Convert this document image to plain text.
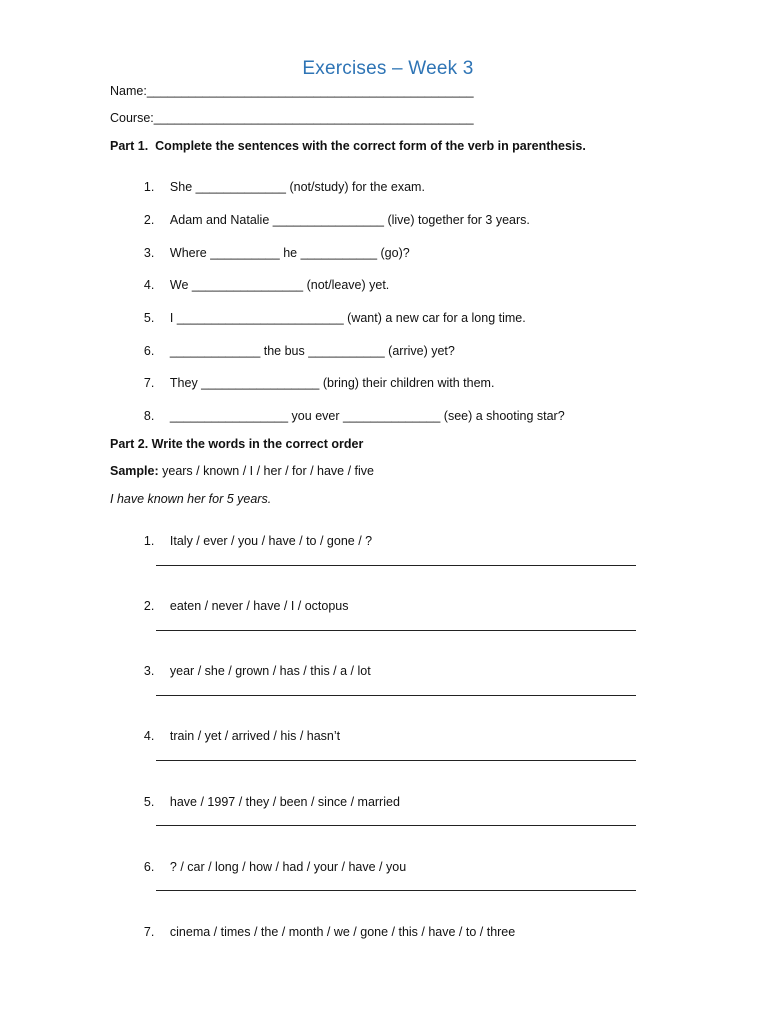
Exercises – Week 3
Name:_______________________________________________
Course:______________________________________________
Part 1.  Complete the sentences with the correct form of the verb in parenthesis.

1. She _____________ (not/study) for the exam.

2. Adam and Natalie ________________ (live) together for 3 years.

3. Where __________ he ___________ (go)?

4. We ________________ (not/leave) yet.

5. I ________________________ (want) a new car for a long time.

6. _____________ the bus ___________ (arrive) yet?

7. They _________________ (bring) their children with them.

8. _________________ you ever ______________ (see) a shooting star?

Part 2. Write the words in the correct order
Sample: years / known / I / her / for / have / five
I have known her for 5 years.

1. Italy / ever / you / have / to / gone / ?

2. eaten / never / have / I / octopus

3. year / she / grown / has / this / a / lot

4. train / yet / arrived / his / hasn’t

5. have / 1997 / they / been / since / married

6. ? / car / long / how / had / your / have / you

7. cinema / times / the / month / we / gone / this / have / to / three
